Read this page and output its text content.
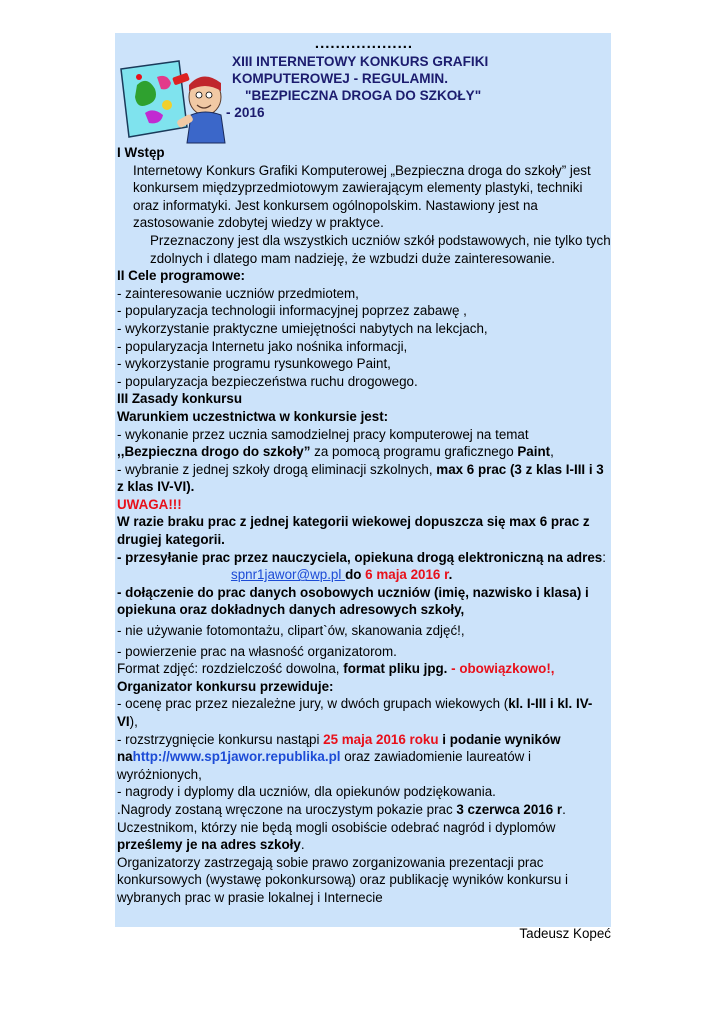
...................
XIII INTERNETOWY KONKURS GRAFIKI
KOMPUTEROWEJ - REGULAMIN.
"BEZPIECZNA DROGA DO SZKOŁY"
- 2016

I Wstęp

Internetowy Konkurs Grafiki Komputerowej „Bezpieczna droga do szkoły” jest konkursem międzyprzedmiotowym zawierającym elementy plastyki, techniki oraz informatyki. Jest konkursem ogólnopolskim. Nastawiony jest na zastosowanie zdobytej wiedzy w praktyce.

Przeznaczony jest dla wszystkich uczniów szkół podstawowych, nie tylko tych zdolnych i dlatego mam nadzieję, że wzbudzi duże zainteresowanie.

II Cele programowe:

- zainteresowanie uczniów przedmiotem,

- popularyzacja technologii informacyjnej poprzez zabawę ,

- wykorzystanie praktyczne umiejętności nabytych na lekcjach,

- popularyzacja Internetu jako nośnika informacji,

- wykorzystanie programu rysunkowego Paint,

- popularyzacja bezpieczeństwa ruchu drogowego.

III Zasady konkursu

Warunkiem uczestnictwa w konkursie jest:

- wykonanie przez ucznia samodzielnej pracy komputerowej na temat ,,Bezpieczna drogo do szkoły” za pomocą programu graficznego Paint,

- wybranie z jednej szkoły drogą eliminacji szkolnych, max 6 prac (3 z klas I-III i 3 z klas IV-VI).

UWAGA!!!

W razie braku prac z jednej kategorii wiekowej dopuszcza się max 6 prac z drugiej kategorii.

- przesyłanie prac przez nauczyciela, opiekuna drogą elektroniczną na adres:spnr1jawor@wp.pl do 6 maja 2016 r.

- dołączenie do prac danych osobowych uczniów (imię, nazwisko i klasa) i opiekuna oraz dokładnych danych adresowych szkoły,

- nie używanie fotomontażu, clipart`ów, skanowania zdjęć!,

- powierzenie prac na własność organizatorom.

Format zdjęć: rozdzielczość dowolna, format pliku jpg. - obowiązkowo!,

Organizator konkursu przewiduje:

- ocenę prac przez niezależne jury, w dwóch grupach wiekowych (kl. I-III i kl. IV- VI),

- rozstrzygnięcie konkursu nastąpi 25 maja 2016 roku i podanie wyników nahttp://www.sp1jawor.republika.pl oraz zawiadomienie laureatów i wyróżnionych,

- nagrody i dyplomy dla uczniów, dla opiekunów podziękowania.

.Nagrody zostaną wręczone na uroczystym pokazie prac 3 czerwca 2016 r.

Uczestnikom, którzy nie będą mogli osobiście odebrać nagród i dyplomów prześlemy je na adres szkoły.

Organizatorzy zastrzegają sobie prawo zorganizowania prezentacji prac konkursowych (wystawę pokonkursową) oraz publikację wyników konkursu i wybranych prac w prasie lokalnej i Internecie

Tadeusz Kopeć
